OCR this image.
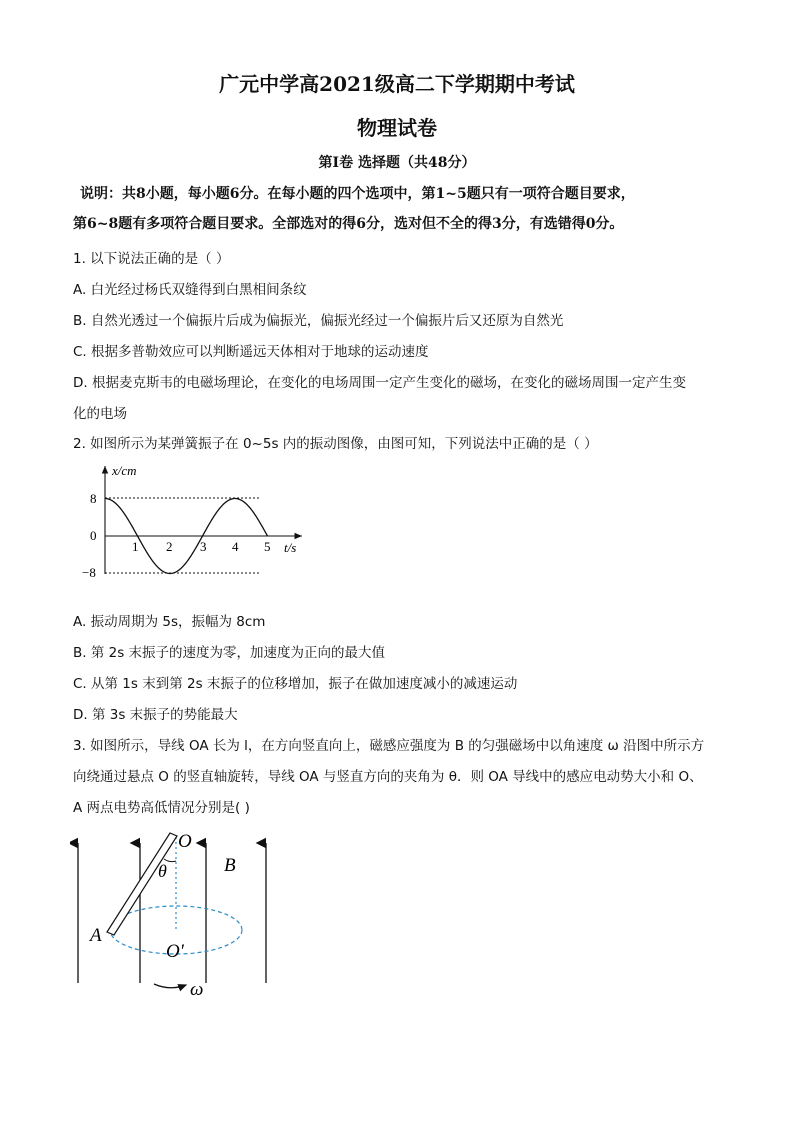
广元中学高2021级高二下学期期中考试
物理试卷
第Ⅰ卷 选择题（共48分）
说明：共8小题，每小题6分。在每小题的四个选项中，第1~5题只有一项符合题目要求，
第6~8题有多项符合题目要求。全部选对的得6分，选对但不全的得3分，有选错得0分。
1. 以下说法正确的是（ ）
A. 白光经过杨氏双缝得到白黑相间条纹
B. 自然光透过一个偏振片后成为偏振光，偏振光经过一个偏振片后又还原为自然光
C. 根据多普勒效应可以判断遥远天体相对于地球的运动速度
D. 根据麦克斯韦的电磁场理论，在变化的电场周围一定产生变化的磁场，在变化的磁场周围一定产生变
化的电场
2. 如图所示为某弹簧振子在 0~5s 内的振动图像，由图可知，下列说法中正确的是（ ）
x/cm
8
0
−8
1 2 3 4 5 t/s
A. 振动周期为 5s，振幅为 8cm
B. 第 2s 末振子的速度为零，加速度为正向的最大值
C. 从第 1s 末到第 2s 末振子的位移增加，振子在做加速度减小的减速运动
D. 第 3s 末振子的势能最大
3. 如图所示，导线 OA 长为 l，在方向竖直向上，磁感应强度为 B 的匀强磁场中以角速度 ω 沿图中所示方
向绕通过悬点 O 的竖直轴旋转，导线 OA 与竖直方向的夹角为 θ．则 OA 导线中的感应电动势大小和 O、
A 两点电势高低情况分别是( )
O
θ	B
A
O′
ω
